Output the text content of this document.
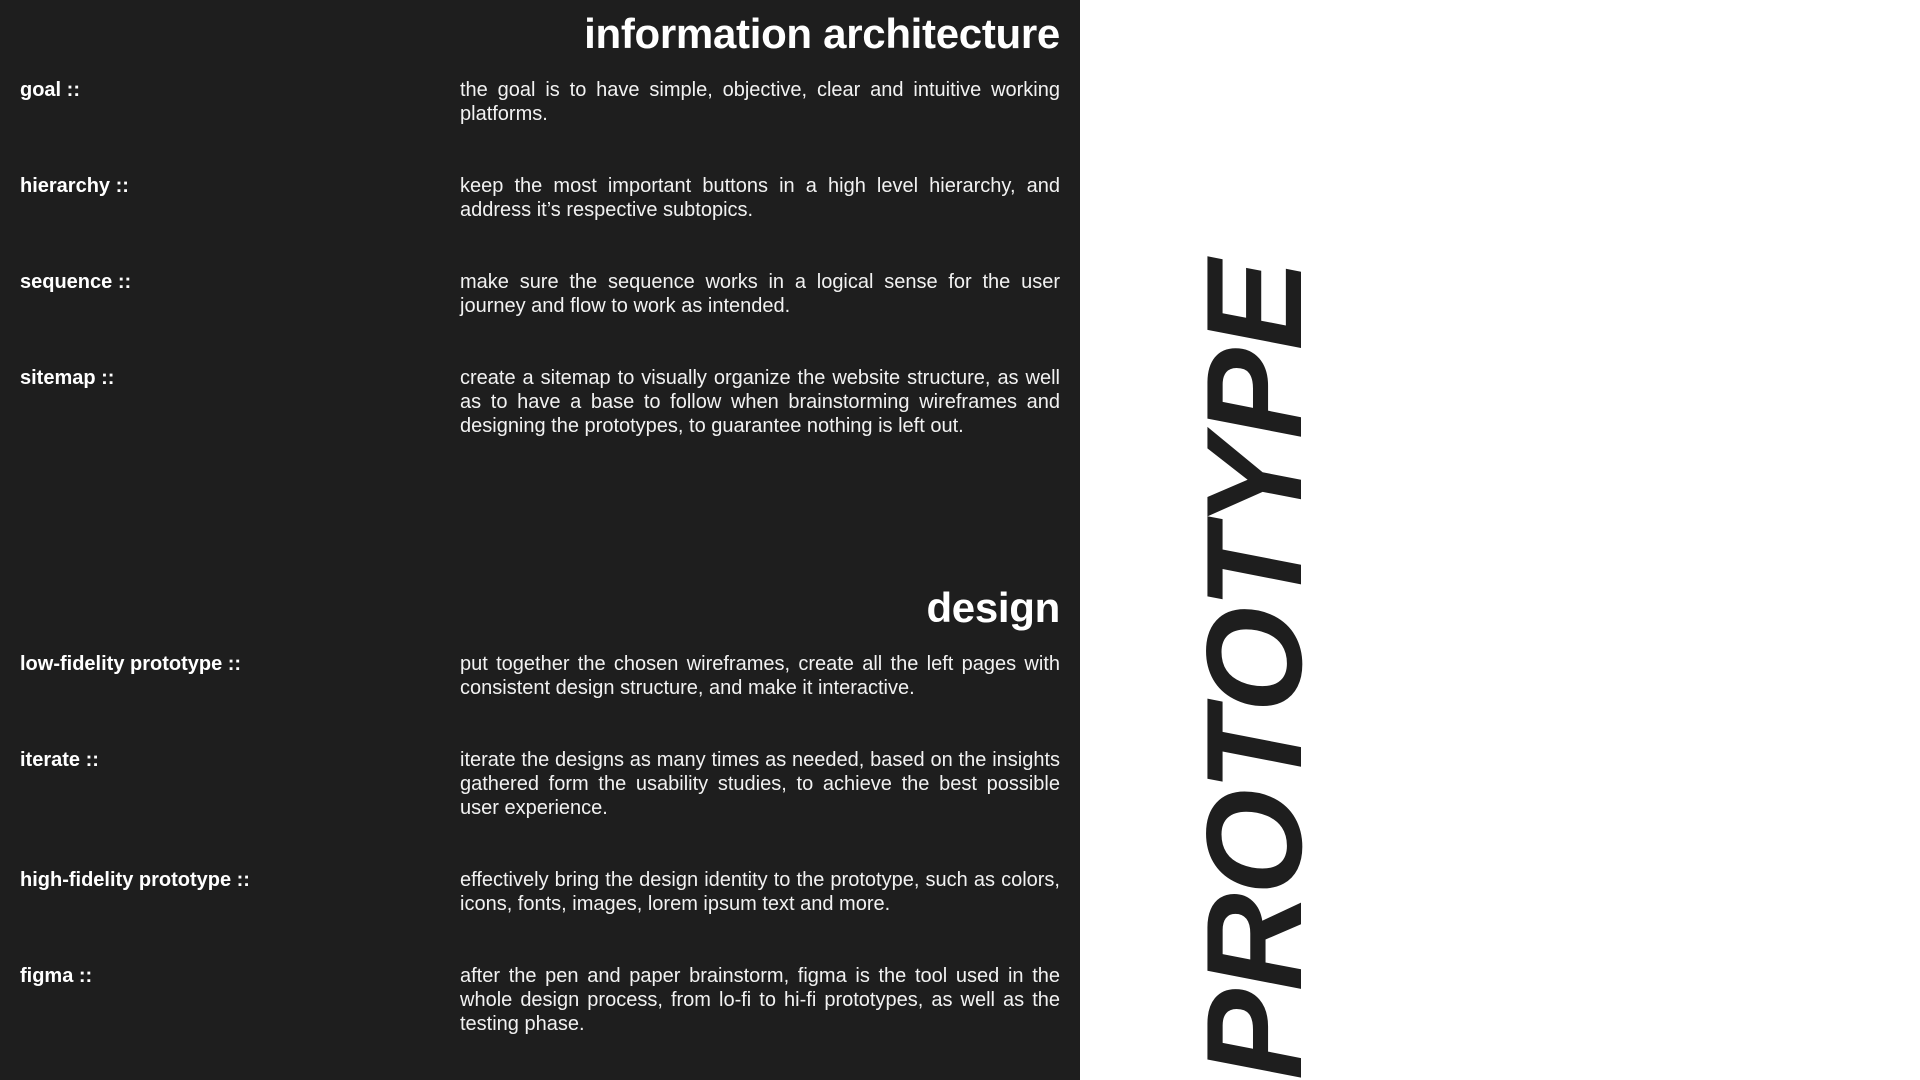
information architecture
goal ::	the goal is to have simple, objective, clear and intuitive working platforms.

hierarchy ::	keep the most important buttons in a high level hierarchy, and address it’s respective subtopics.

sequence ::	make sure the sequence works in a logical sense for the user journey and flow to work as intended.

sitemap ::	create a sitemap to visually organize the website structure, as well as to have a base to follow when brainstorming wireframes and designing the prototypes, to guarantee nothing is left out.

design
low-fidelity prototype ::	put together the chosen wireframes, create all the left pages with consistent design structure, and make it interactive.

iterate ::	iterate the designs as many times as needed, based on the insights gathered form the usability studies, to achieve the best possible user experience.

high-fidelity prototype ::	effectively bring the design identity to the prototype, such as colors, icons, fonts, images, lorem ipsum text and more.

figma ::	after the pen and paper brainstorm, figma is the tool used in the whole design process, from lo-fi to hi-fi prototypes, as well as the testing phase.	PROTOTYPE
